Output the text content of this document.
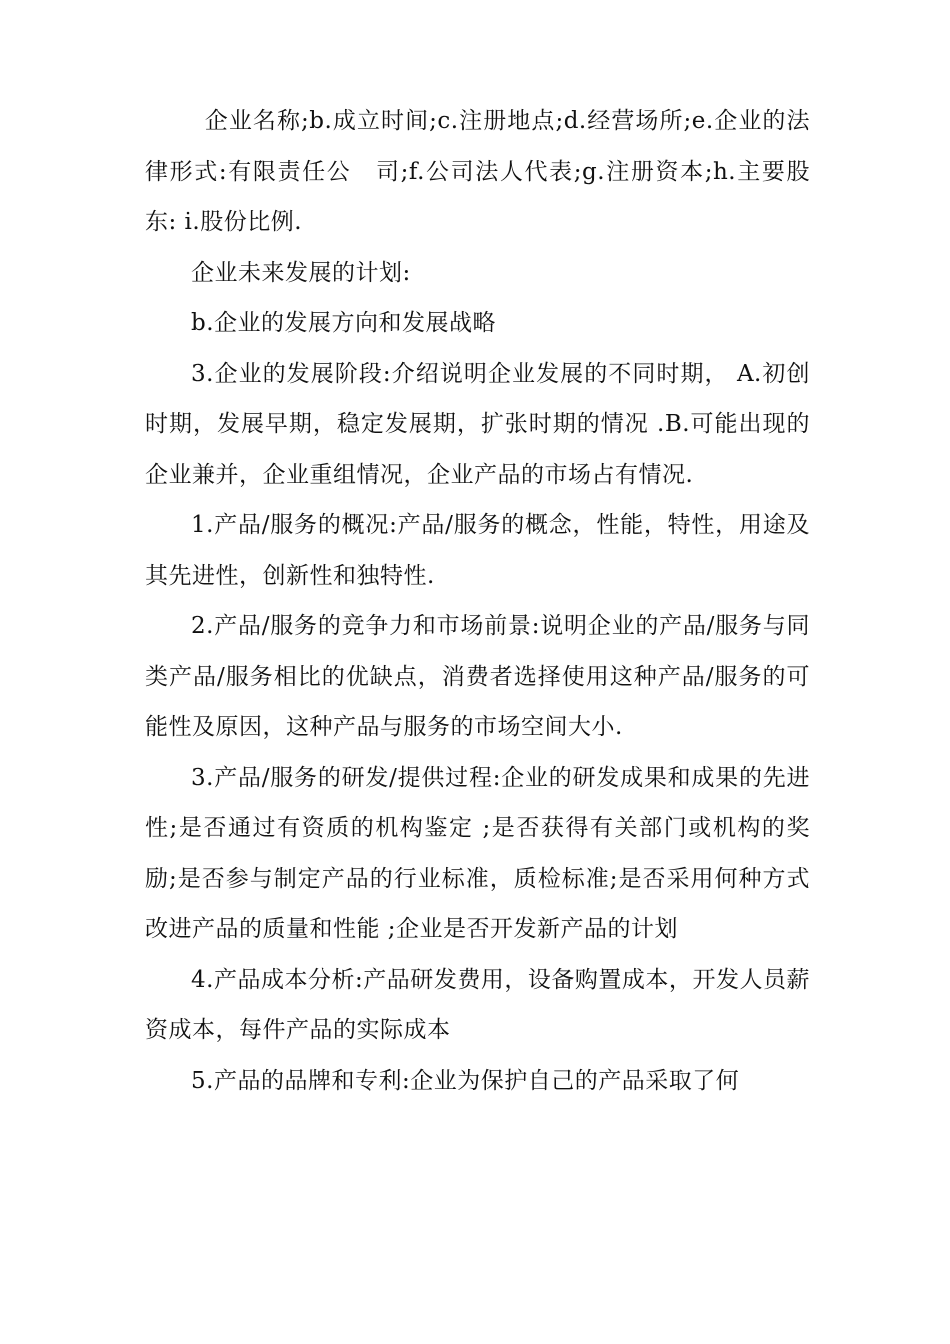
企业名称;b.成立时间;c.注册地点;d.经营场所;e.企业的法律形式:有限责任公　司;f.公司法人代表;g.注册资本;h.主要股东: i.股份比例.

企业未来发展的计划:

b.企业的发展方向和发展战略

3.企业的发展阶段:介绍说明企业发展的不同时期， A.初创时期，发展早期，稳定发展期，扩张时期的情况 .B.可能出现的企业兼并，企业重组情况，企业产品的市场占有情况.

1.产品/服务的概况:产品/服务的概念，性能，特性，用途及其先进性，创新性和独特性.

2.产品/服务的竞争力和市场前景:说明企业的产品/服务与同类产品/服务相比的优缺点，消费者选择使用这种产品/服务的可能性及原因，这种产品与服务的市场空间大小.

3.产品/服务的研发/提供过程:企业的研发成果和成果的先进性;是否通过有资质的机构鉴定 ;是否获得有关部门或机构的奖励;是否参与制定产品的行业标准，质检标准;是否采用何种方式改进产品的质量和性能 ;企业是否开发新产品的计划

4.产品成本分析:产品研发费用，设备购置成本，开发人员薪资成本，每件产品的实际成本

5.产品的品牌和专利:企业为保护自己的产品采取了何
